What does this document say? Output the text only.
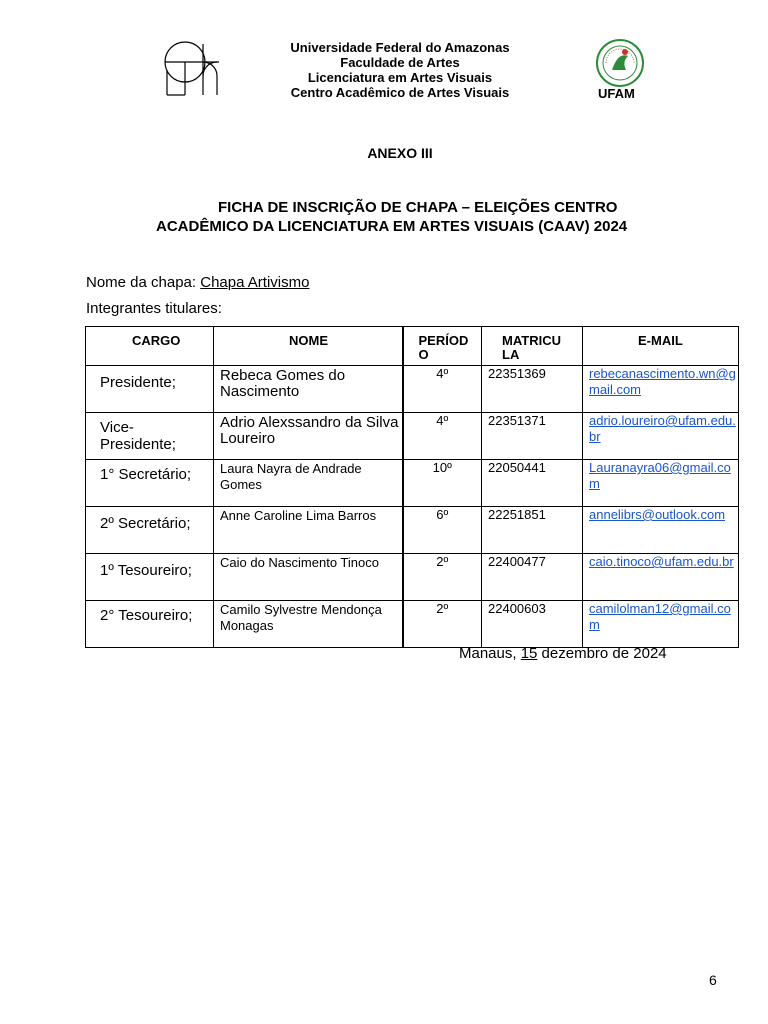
Universidade Federal do Amazonas
Faculdade de Artes
Licenciatura em Artes Visuais
Centro Acadêmico de Artes Visuais	UFAM
ANEXO III
FICHA DE INSCRIÇÃO DE CHAPA – ELEIÇÕES CENTRO
ACADÊMICO DA LICENCIATURA EM ARTES VISUAIS (CAAV) 2024
Nome da chapa: Chapa Artivismo
Integrantes titulares:
CARGO	NOME	PERÍOD O	MATRICU LA	E-MAIL

Presidente;	Rebeca Gomes do Nascimento	4º	22351369	rebecanascimento.wn@gmail.com

Vice-Presidente;	Adrio Alexssandro da Silva Loureiro	4º	22351371	adrio.loureiro@ufam.edu.br

1° Secretário;	Laura Nayra de Andrade Gomes	10º	22050441	Lauranayra06@gmail.com

2º Secretário;	Anne Caroline Lima Barros	6º	22251851	annelibrs@outlook.com

1º Tesoureiro;	Caio do Nascimento Tinoco	2º	22400477	caio.tinoco@ufam.edu.br

2° Tesoureiro;	Camilo Sylvestre Mendonça Monagas	2º	22400603	camilolman12@gmail.com
Manaus, 15 dezembro de 2024
6
